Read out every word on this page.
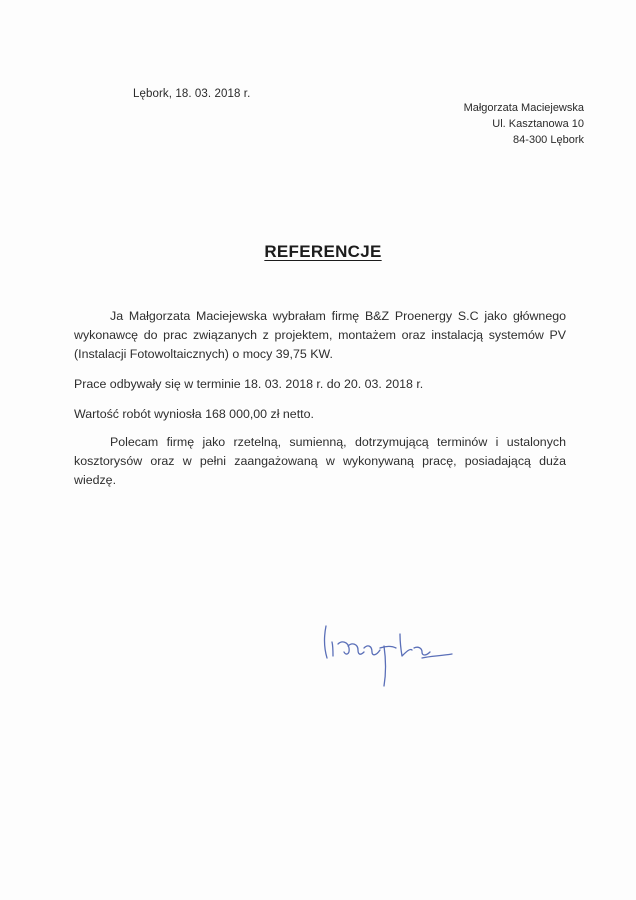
Lębork, 18. 03. 2018 r.
Małgorzata Maciejewska
Ul. Kasztanowa 10
84-300 Lębork
REFERENCJE

Ja Małgorzata Maciejewska wybrałam firmę B&Z Proenergy S.C jako głównego wykonawcę do prac związanych z projektem, montażem oraz instalacją systemów PV (Instalacji Fotowoltaicznych) o mocy 39,75 KW.

Prace odbywały się w terminie 18. 03. 2018 r. do 20. 03. 2018 r.

Wartość robót wyniosła 168 000,00 zł netto.

Polecam firmę jako rzetelną, sumienną, dotrzymującą terminów i ustalonych kosztorysów oraz w pełni zaangażowaną w wykonywaną pracę, posiadającą duża wiedzę.
